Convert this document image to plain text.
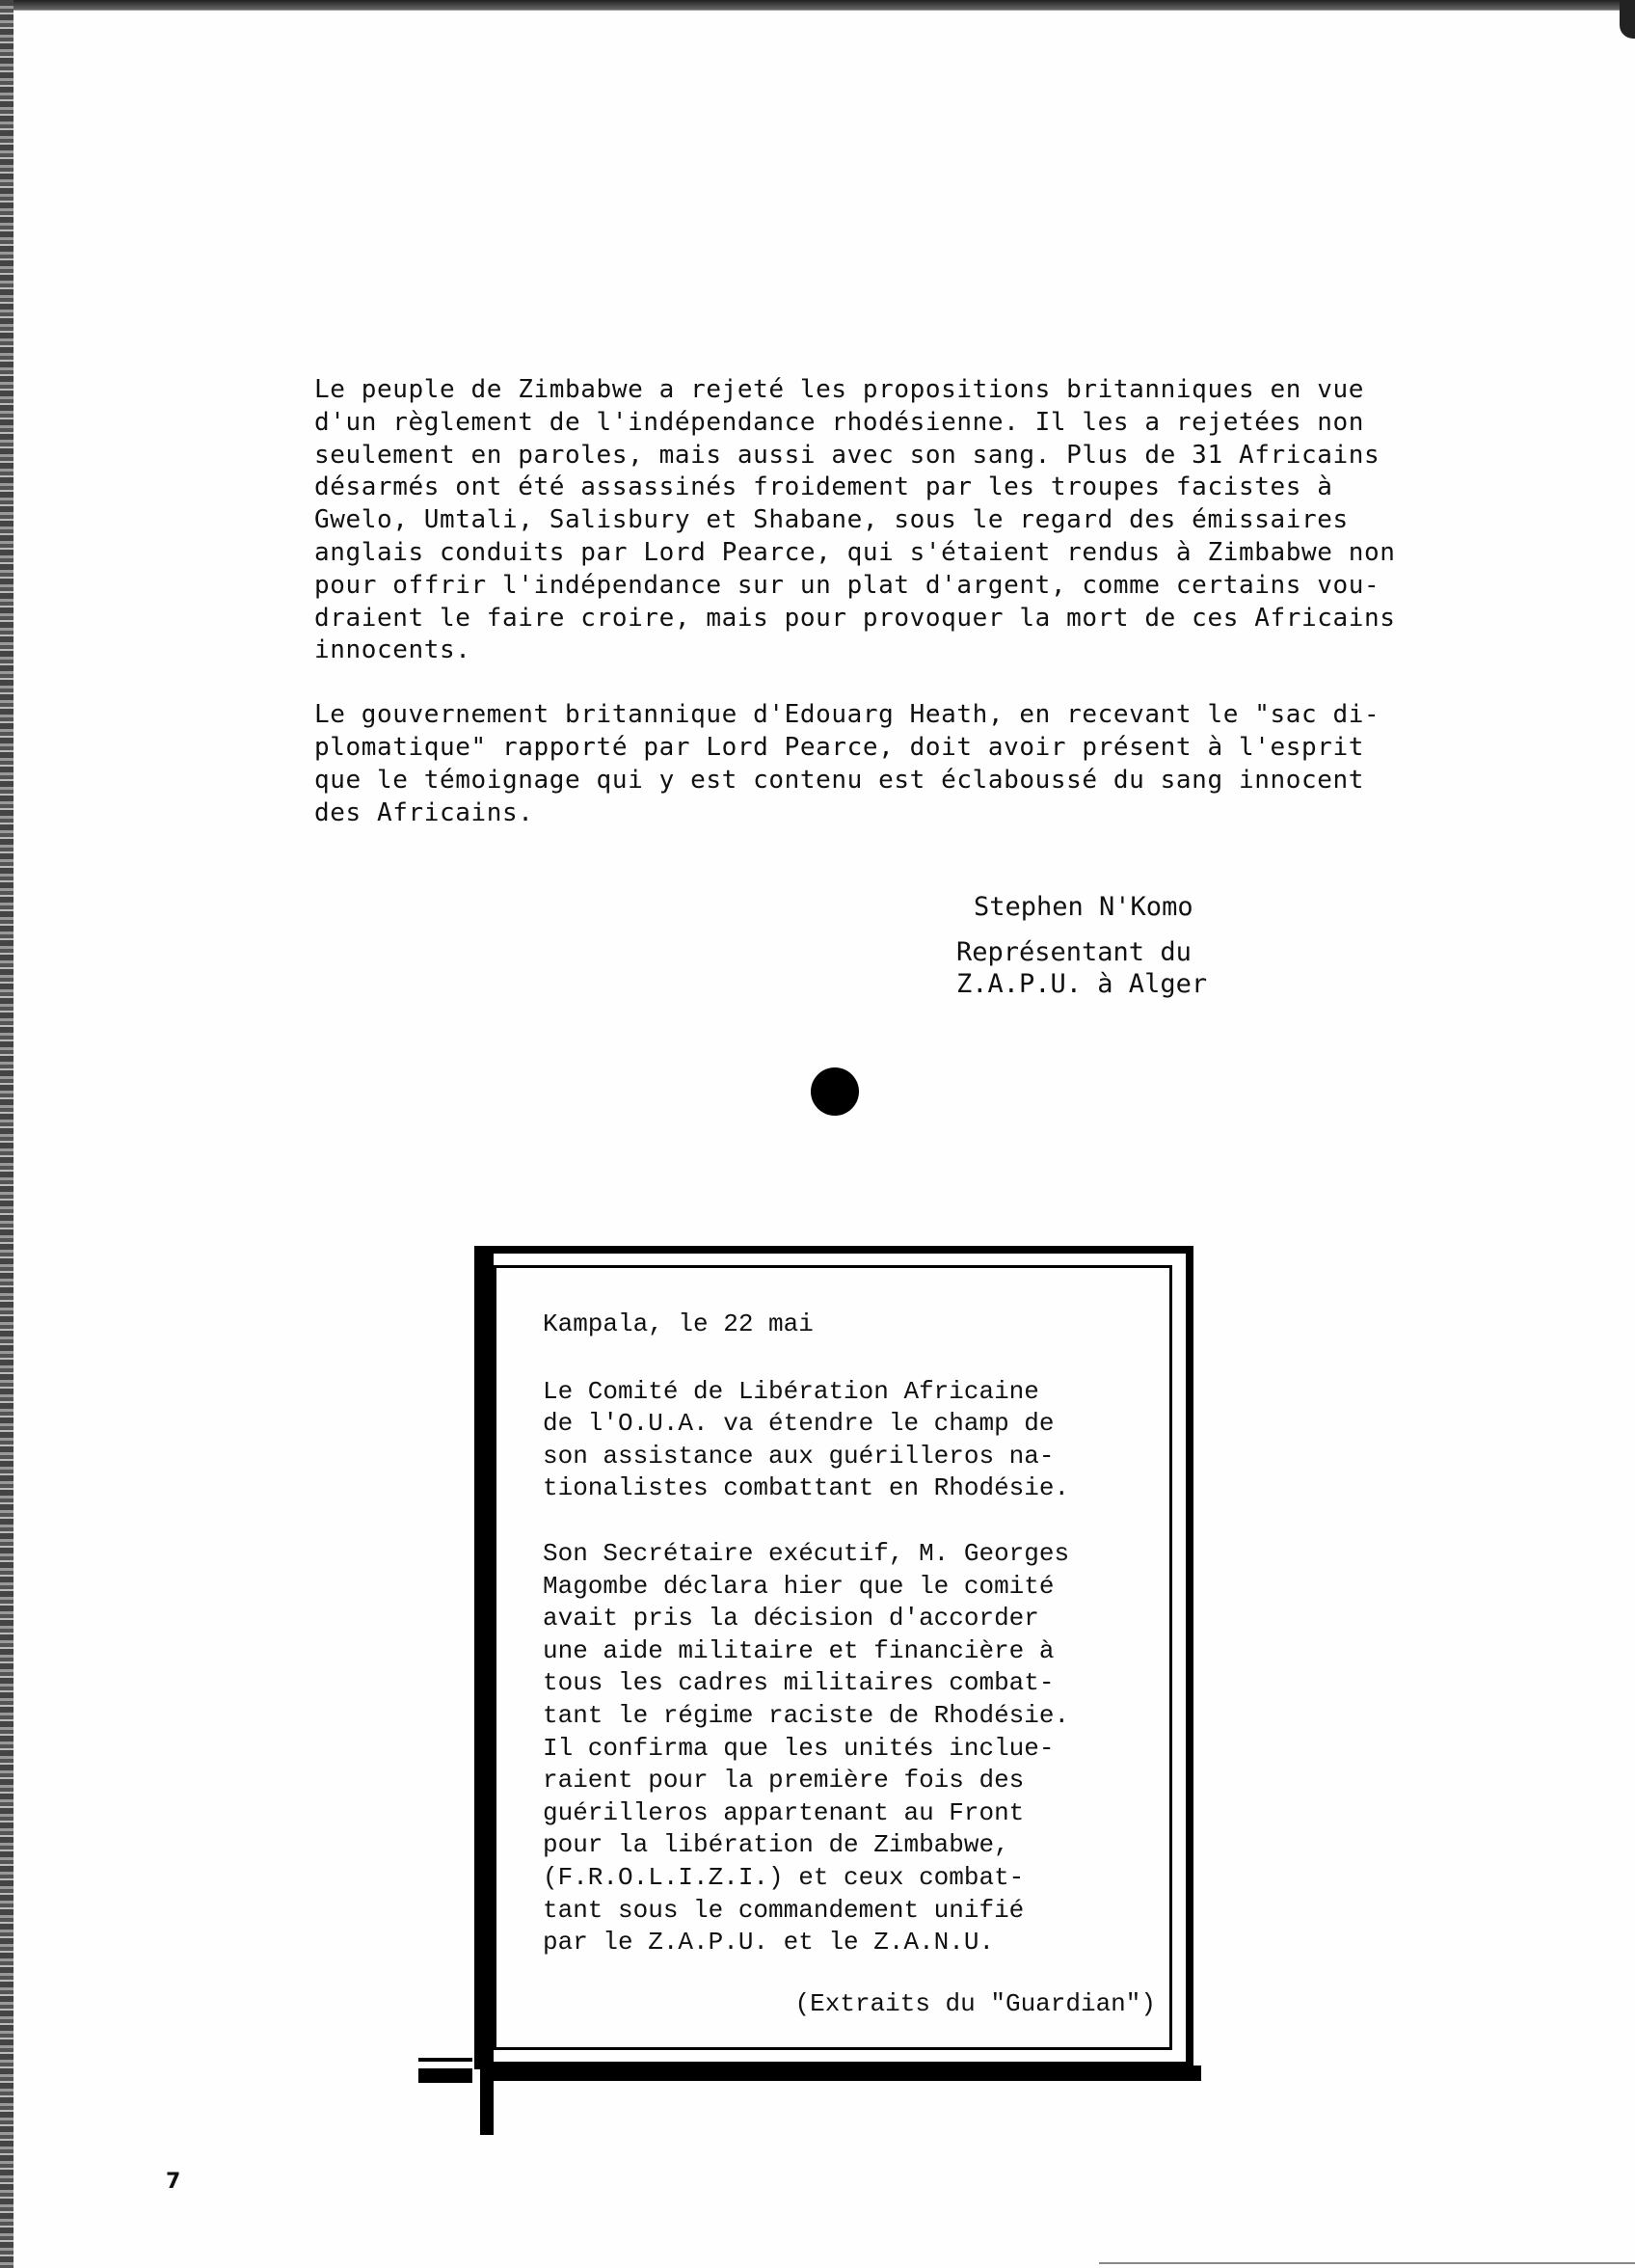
Le peuple de Zimbabwe a rejeté les propositions britanniques en vue
d'un règlement de l'indépendance rhodésienne. Il les a rejetées non
seulement en paroles, mais aussi avec son sang. Plus de 31 Africains
désarmés ont été assassinés froidement par les troupes facistes à
Gwelo, Umtali, Salisbury et Shabane, sous le regard des émissaires
anglais conduits par Lord Pearce, qui s'étaient rendus à Zimbabwe non
pour offrir l'indépendance sur un plat d'argent, comme certains vou-
draient le faire croire, mais pour provoquer la mort de ces Africains
innocents.

Le gouvernement britannique d'Edouarg Heath, en recevant le "sac di-
plomatique" rapporté par Lord Pearce, doit avoir présent à l'esprit
que le témoignage qui y est contenu est éclaboussé du sang innocent
des Africains.

Stephen N'Komo
Représentant du
Z.A.P.U. à Alger
Kampala, le 22 mai

Le Comité de Libération Africaine
de l'O.U.A. va étendre le champ de
son assistance aux guérilleros na-
tionalistes combattant en Rhodésie.

Son Secrétaire exécutif, M. Georges
Magombe déclara hier que le comité
avait pris la décision d'accorder
une aide militaire et financière à
tous les cadres militaires combat-
tant le régime raciste de Rhodésie.
Il confirma que les unités inclue-
raient pour la première fois des
guérilleros appartenant au Front
pour la libération de Zimbabwe,
(F.R.O.L.I.Z.I.) et ceux combat-
tant sous le commandement unifié
par le Z.A.P.U. et le Z.A.N.U.

(Extraits du "Guardian")
7
